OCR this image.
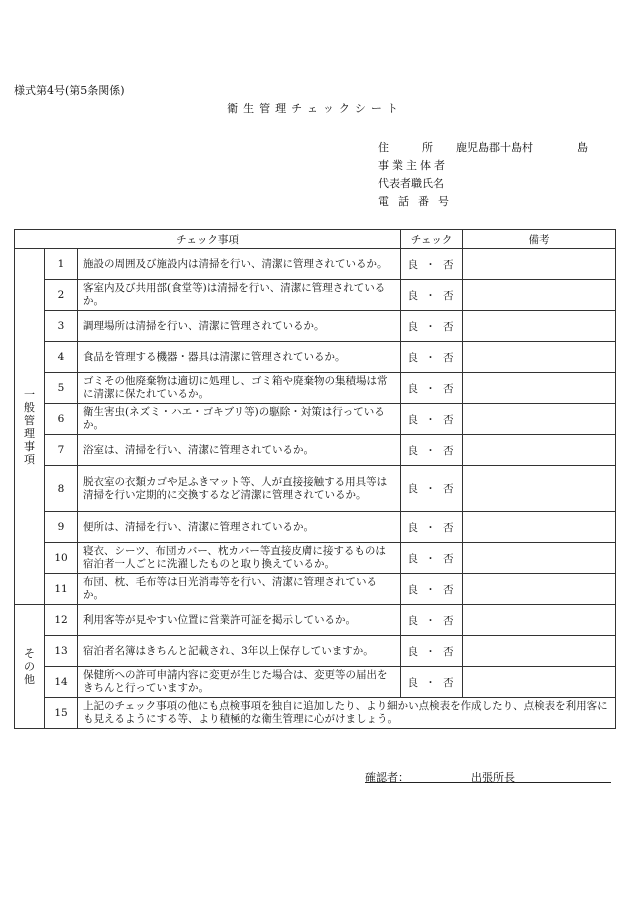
様式第4号(第5条関係)
衛生管理チェックシート
住　　　所	鹿児島郡十島村	島
事業主体者
代表者職氏名
電話番号
チェック事項			チェック	備考
一般管理事項	1	施設の周囲及び施設内は清掃を行い、清潔に管理されているか。	良 ・ 否	
	2	客室内及び共用部(食堂等)は清掃を行い、清潔に管理されているか。	良 ・ 否	
	3	調理場所は清掃を行い、清潔に管理されているか。	良 ・ 否	
	4	食品を管理する機器・器具は清潔に管理されているか。	良 ・ 否	
	5	ゴミその他廃棄物は適切に処理し、ゴミ箱や廃棄物の集積場は常に清潔に保たれているか。	良 ・ 否	
	6	衛生害虫(ネズミ・ハエ・ゴキブリ等)の駆除・対策は行っているか。	良 ・ 否	
	7	浴室は、清掃を行い、清潔に管理されているか。	良 ・ 否	
	8	脱衣室の衣類カゴや足ふきマット等、人が直接接触する用具等は清掃を行い定期的に交換するなど清潔に管理されているか。	良 ・ 否	
	9	便所は、清掃を行い、清潔に管理されているか。	良 ・ 否	
	10	寝衣、シーツ、布団カバー、枕カバー等直接皮膚に接するものは宿泊者一人ごとに洗濯したものと取り換えているか。	良 ・ 否	
	11	布団、枕、毛布等は日光消毒等を行い、清潔に管理されているか。	良 ・ 否	
その他	12	利用客等が見やすい位置に営業許可証を掲示しているか。	良 ・ 否	
	13	宿泊者名簿はきちんと記載され、3年以上保存していますか。	良 ・ 否	
	14	保健所への許可申請内容に変更が生じた場合は、変更等の届出をきちんと行っていますか。	良 ・ 否	
	15	上記のチェック事項の他にも点検事項を独自に追加したり、より細かい点検表を作成したり、点検表を利用客にも見えるようにする等、より積極的な衛生管理に心がけましょう。		
確認者：	出張所長
